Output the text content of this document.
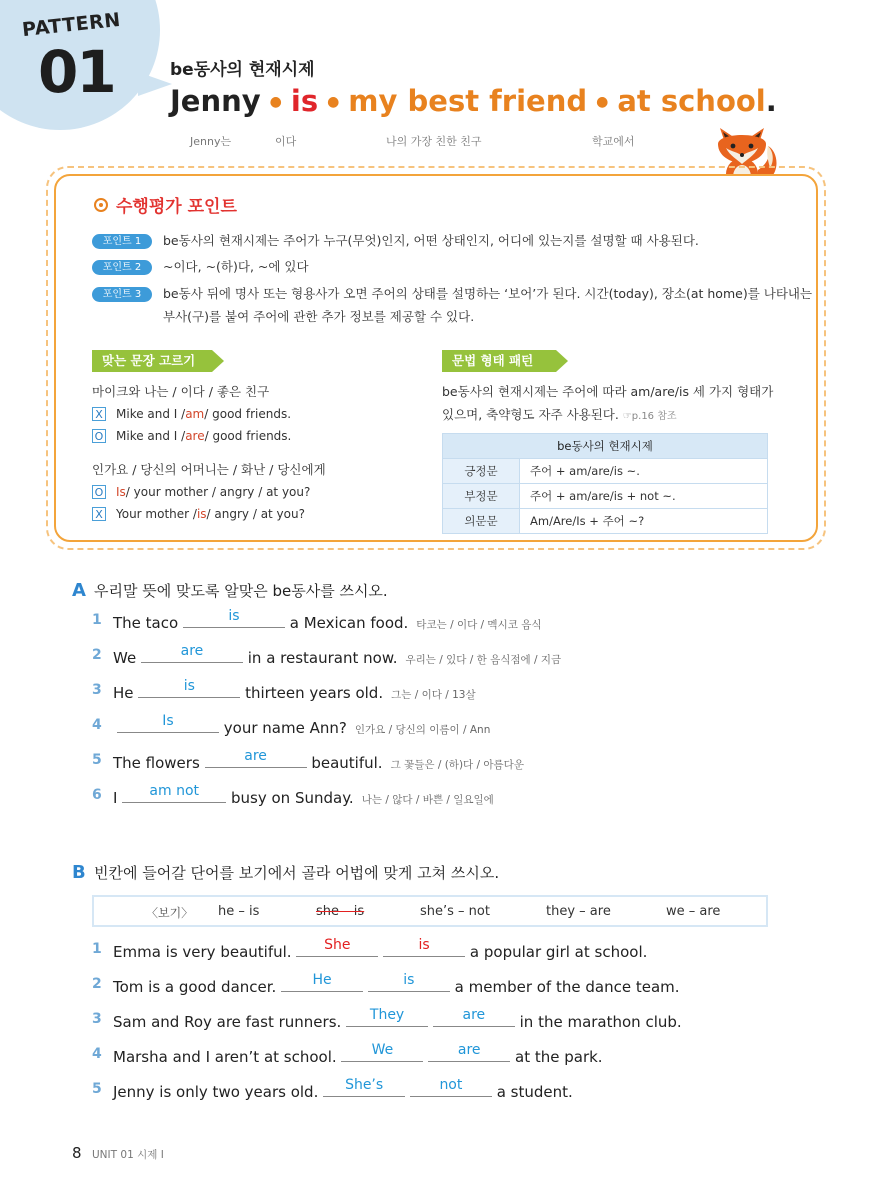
PATTERN
01	be동사의 현재시제
Jenny ● is ● my best friend ● at school.
Jenny는	이다	나의 가장 친한 친구	학교에서
수행평가 포인트
포인트 1	be동사의 현재시제는 주어가 누구(무엇)인지, 어떤 상태인지, 어디에 있는지를 설명할 때 사용된다.
포인트 2	~이다, ~(하)다, ~에 있다
포인트 3	be동사 뒤에 명사 또는 형용사가 오면 주어의 상태를 설명하는 ‘보어’가 된다. 시간(today), 장소(at home)를 나타내는
부사(구)를 붙여 주어에 관한 추가 정보를 제공할 수 있다.
맞는 문장 고르기
마이크와 나는 / 이다 / 좋은 친구
X Mike and I / am / good friends.
O Mike and I / are / good friends.
인가요 / 당신의 어머니는 / 화난 / 당신에게
O Is / your mother / angry / at you?
X Your mother / is / angry / at you?
문법 형태 패턴
be동사의 현재시제는 주어에 따라 am/are/is 세 가지 형태가
있으며, 축약형도 자주 사용된다. ☞p.16 참조
be동사의 현재시제	
긍정문	주어 + am/are/is ~.
부정문	주어 + am/are/is + not ~.
의문문	Am/Are/Is + 주어 ~?
A 우리말 뜻에 맞도록 알맞은 be동사를 쓰시오.
1 The taco	is	a Mexican food. 타코는 / 이다 / 멕시코 음식
2 We	are	in a restaurant now. 우리는 / 있다 / 한 음식점에 / 지금
3 He	is	thirteen years old. 그는 / 이다 / 13살
4	Is	your name Ann? 인가요 / 당신의 이름이 / Ann
5 The flowers	are	beautiful. 그 꽃들은 / (하)다 / 아름다운
6 I	am not	busy on Sunday. 나는 / 않다 / 바쁜 / 일요일에
B 빈칸에 들어갈 단어를 보기에서 골라 어법에 맞게 고쳐 쓰시오.
〈보기〉 he – is	she – is	she’s – not	they – are	we – are
1 Emma is very beautiful.	She
	is	a popular girl at school.
2 Tom is a good dancer.	He
	is	a member of the dance team.
3 Sam and Roy are fast runners.	They
	are	in the marathon club.
4 Marsha and I aren’t at school.	We
	are	at the park.
5 Jenny is only two years old.	She’s
	not	a student.
8 UNIT 01 시제 I
